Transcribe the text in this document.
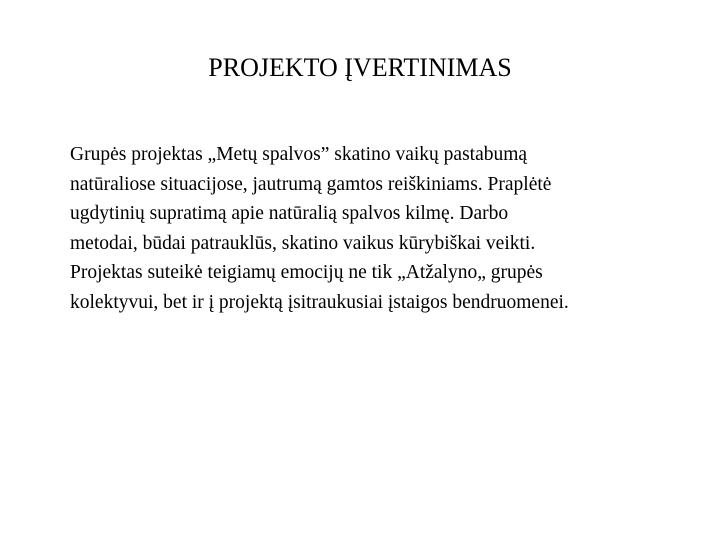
PROJEKTO ĮVERTINIMAS

Grupės projektas „Metų spalvos” skatino vaikų pastabumą
natūraliose situacijose, jautrumą gamtos reiškiniams. Praplėtė
ugdytinių supratimą apie natūralią spalvos kilmę. Darbo
metodai, būdai patrauklūs, skatino vaikus kūrybiškai veikti.
Projektas suteikė teigiamų emocijų ne tik „Atžalyno„ grupės
kolektyvui, bet ir į projektą įsitraukusiai įstaigos bendruomenei.
